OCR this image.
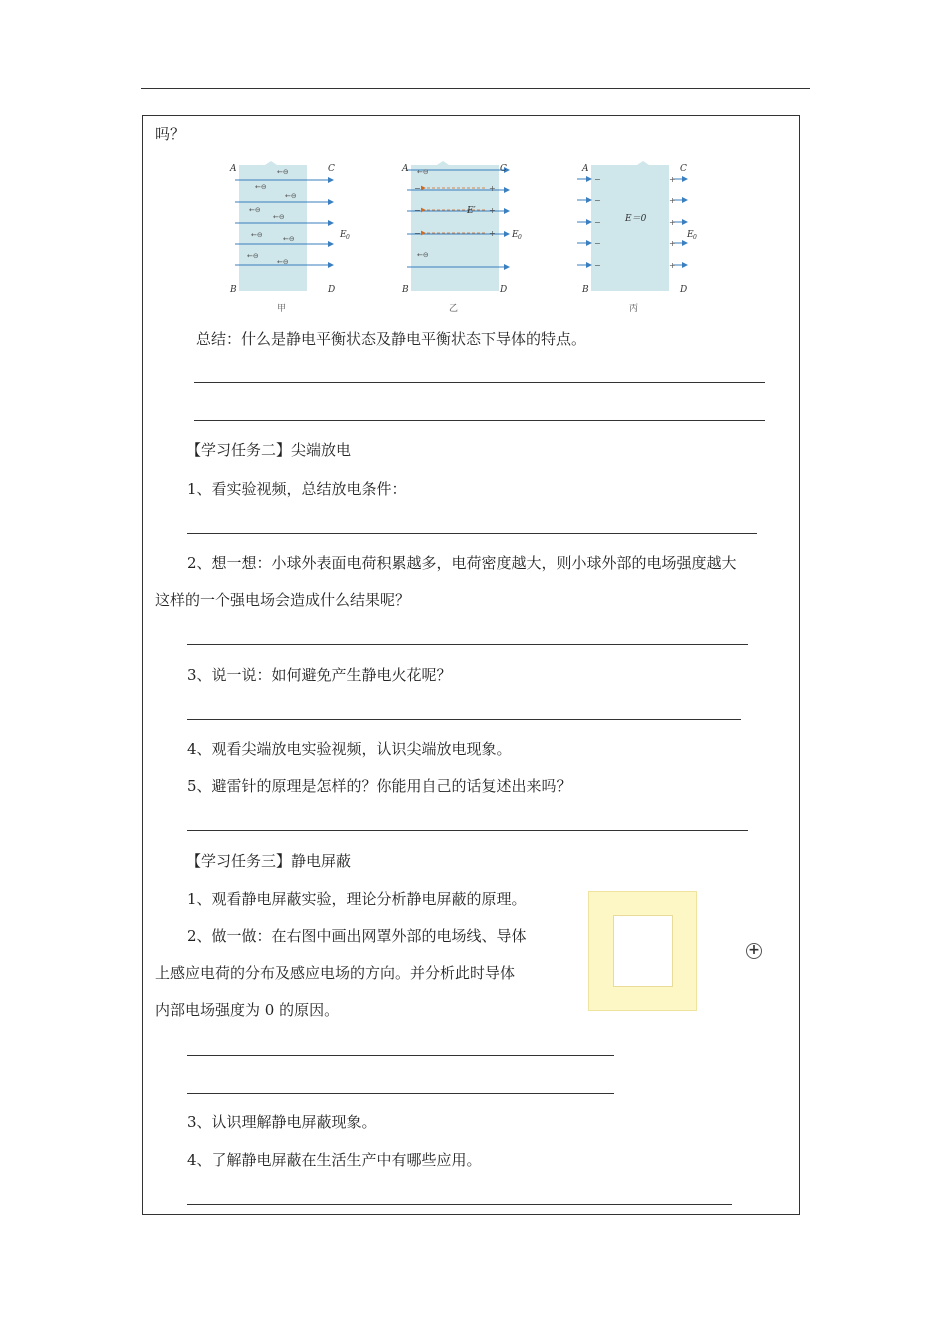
吗？
←⊖
←⊖
←⊖
←⊖
←⊖
←⊖	←⊖
←⊖
←⊖
A	C
B	D
E 0
甲
−
−
−
+
+
+
←⊖
←⊖
E′
A	C
B	D
E 0
乙
−
−
−
−
−
+
+
+
+
+
E＝0
A	C
B	D
E 0
丙
总结：什么是静电平衡状态及静电平衡状态下导体的特点。
【学习任务二】尖端放电
1、看实验视频，总结放电条件：
2、想一想：小球外表面电荷积累越多，电荷密度越大，则小球外部的电场强度越大
这样的一个强电场会造成什么结果呢？
3、说一说：如何避免产生静电火花呢？
4、观看尖端放电实验视频，认识尖端放电现象。
5、避雷针的原理是怎样的？你能用自己的话复述出来吗？
【学习任务三】静电屏蔽
1、观看静电屏蔽实验，理论分析静电屏蔽的原理。
2、做一做：在右图中画出网罩外部的电场线、导体
上感应电荷的分布及感应电场的方向。并分析此时导体
内部电场强度为 0 的原因。
+
3、认识理解静电屏蔽现象。
4、了解静电屏蔽在生活生产中有哪些应用。
